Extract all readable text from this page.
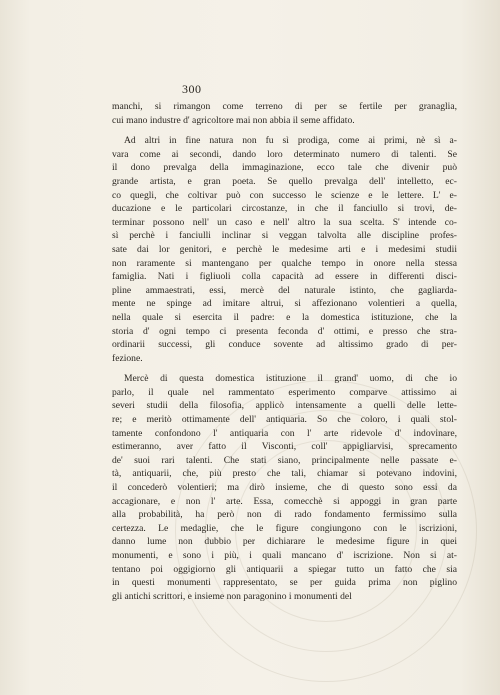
300

manchi, si rimangon come terreno di per se fertile per granaglia,
cui mano industre d' agricoltore mai non abbia il seme affidato.

Ad altri in fine natura non fu sì prodiga, come ai primi, nè sì a-
vara come ai secondi, dando loro determinato numero di talenti. Se
il dono prevalga della immaginazione, ecco tale che divenir può
grande artista, e gran poeta. Se quello prevalga dell' intelletto, ec-
co quegli, che coltivar può con successo le scienze e le lettere. L' e-
ducazione e le particolari circostanze, in che il fanciullo si trovi, de-
terminar possono nell' un caso e nell' altro la sua scelta. S' intende co-
sì perchè i fanciulli inclinar si veggan talvolta alle discipline profes-
sate dai lor genitori, e perchè le medesime arti e i medesimi studii
non raramente si mantengano per qualche tempo in onore nella stessa
famiglia. Nati i figliuoli colla capacità ad essere in differenti disci-
pline ammaestrati, essi, mercè del naturale istinto, che gagliarda-
mente ne spinge ad imitare altrui, si affezionano volentieri a quella,
nella quale si esercita il padre: e la domestica istituzione, che la
storia d' ogni tempo ci presenta feconda d' ottimi, e presso che stra-
ordinarii successi, gli conduce sovente ad altissimo grado di per-
fezione.

Mercè di questa domestica istituzione il grand' uomo, di che io
parlo, il quale nel rammentato esperimento comparve attissimo ai
severi studii della filosofia, applicò intensamente a quelli delle lette-
re; e meritò ottimamente dell' antiquaria. So che coloro, i quali stol-
tamente confondono l' antiquaria con l' arte ridevole d' indovinare,
estimeranno, aver fatto il Visconti, coll' appigliarvisi, sprecamento
de' suoi rari talenti. Che stati siano, principalmente nelle passate e-
tà, antiquarii, che, più presto che tali, chiamar si potevano indovini,
il concederò volentieri; ma dirò insieme, che di questo sono essi da
accagionare, e non l' arte. Essa, comecchè si appoggi in gran parte
alla probabilità, ha però non di rado fondamento fermissimo sulla
certezza. Le medaglie, che le figure congiungono con le iscrizioni,
danno lume non dubbio per dichiarare le medesime figure in quei
monumenti, e sono i più, i quali mancano d' iscrizione. Non si at-
tentano poi oggigiorno gli antiquarii a spiegar tutto un fatto che sia
in questi monumenti rappresentato, se per guida prima non piglino
gli antichi scrittori, e insieme non paragonino i monumenti del
